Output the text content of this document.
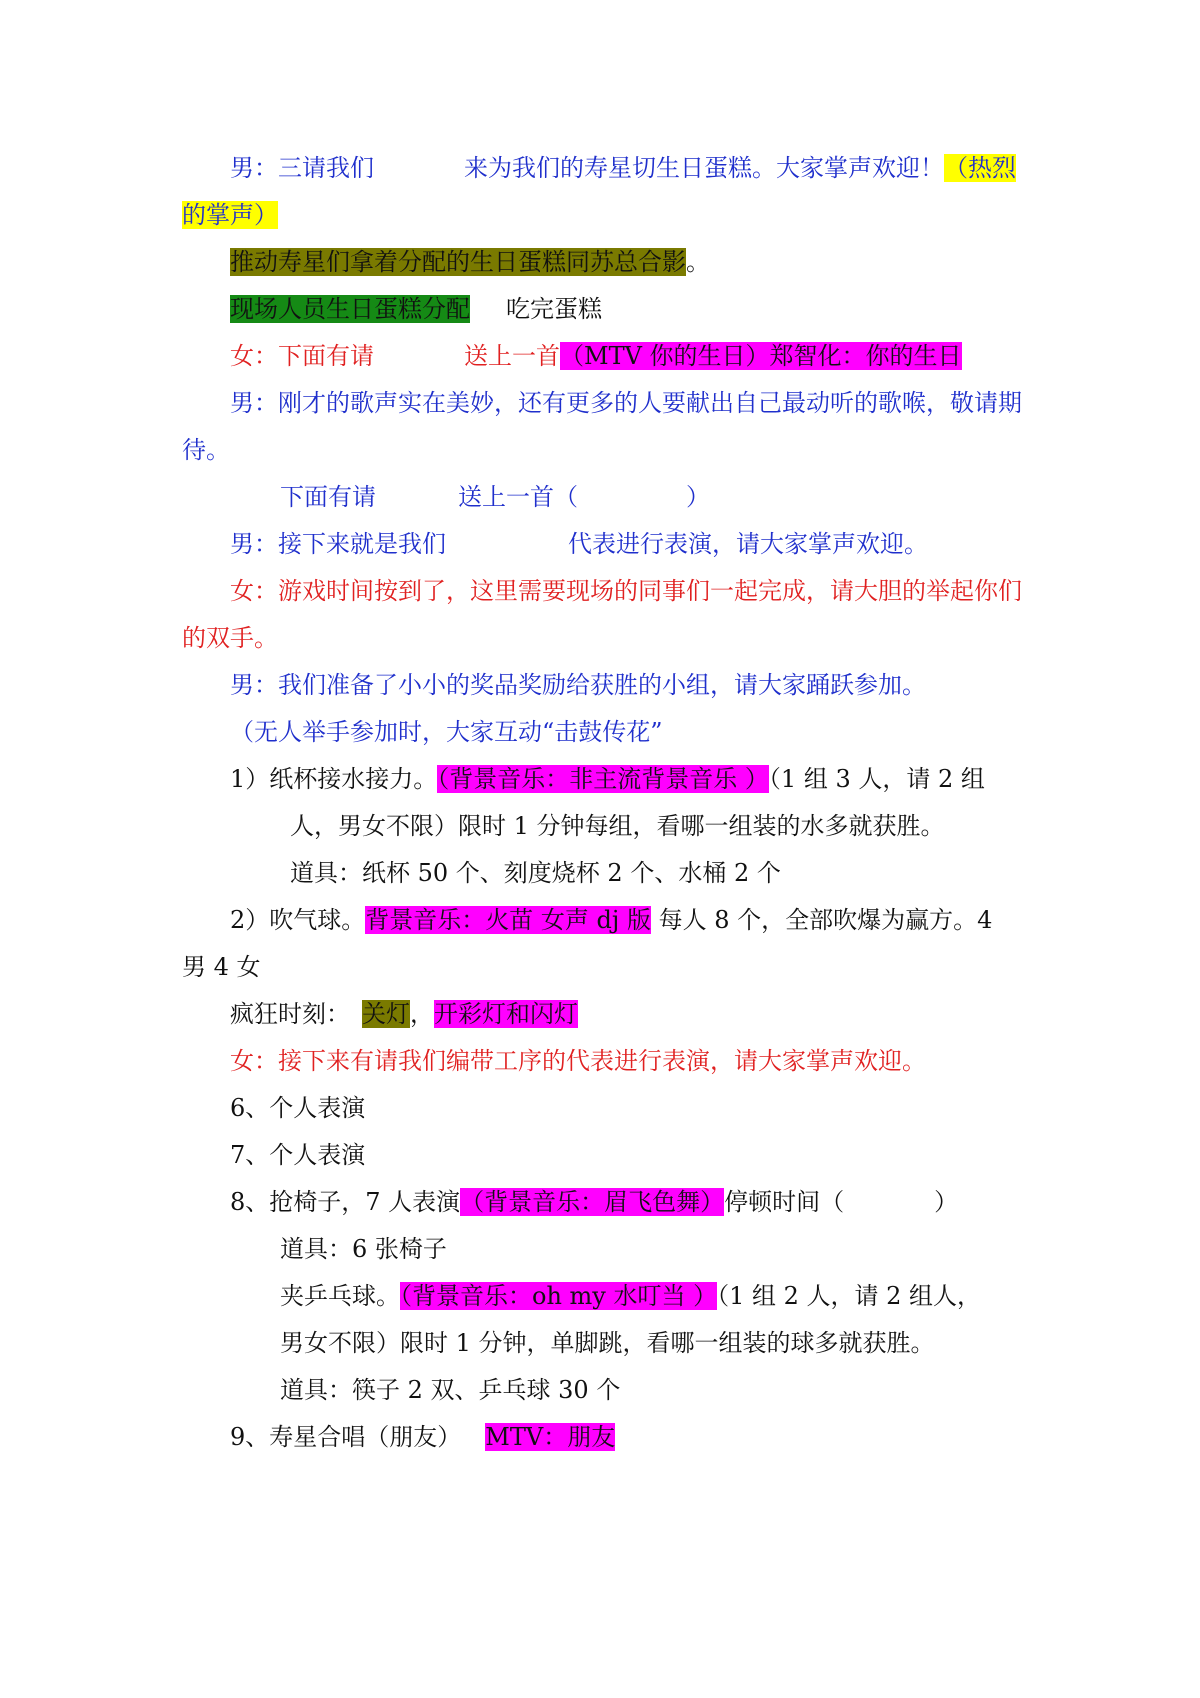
男：三请我们	来为我们的寿星切生日蛋糕。大家掌声欢迎！（热烈
的掌声）
推动寿星们拿着分配的生日蛋糕同苏总合影。
现场人员生日蛋糕分配 吃完蛋糕
女：下面有请	送上一首（MTV 你的生日）郑智化：你的生日
男：刚才的歌声实在美妙，还有更多的人要献出自己最动听的歌喉，敬请期
待。
下面有请	送上一首（	）
男：接下来就是我们	代表进行表演，请大家掌声欢迎。
女：游戏时间按到了，这里需要现场的同事们一起完成，请大胆的举起你们
的双手。
男：我们准备了小小的奖品奖励给获胜的小组，请大家踊跃参加。
（无人举手参加时，大家互动“击鼓传花”
1）纸杯接水接力。（背景音乐：非主流背景音乐 ）（1 组 3 人，请 2 组
人，男女不限）限时 1 分钟每组，看哪一组装的水多就获胜。
道具：纸杯 50 个、刻度烧杯 2 个、水桶 2 个
2）吹气球。背景音乐：火苗 女声 dj 版 每人 8 个，全部吹爆为赢方。4
男 4 女
疯狂时刻： 关灯，开彩灯和闪灯
女：接下来有请我们编带工序的代表进行表演，请大家掌声欢迎。
6、个人表演
7、个人表演
8、抢椅子，7 人表演（背景音乐：眉飞色舞）停顿时间（	）
道具：6 张椅子
夹乒乓球。（背景音乐：oh my 水叮当 ）（1 组 2 人，请 2 组人，
男女不限）限时 1 分钟，单脚跳，看哪一组装的球多就获胜。
道具：筷子 2 双、乒乓球 30 个
9、寿星合唱（朋友） MTV：朋友
